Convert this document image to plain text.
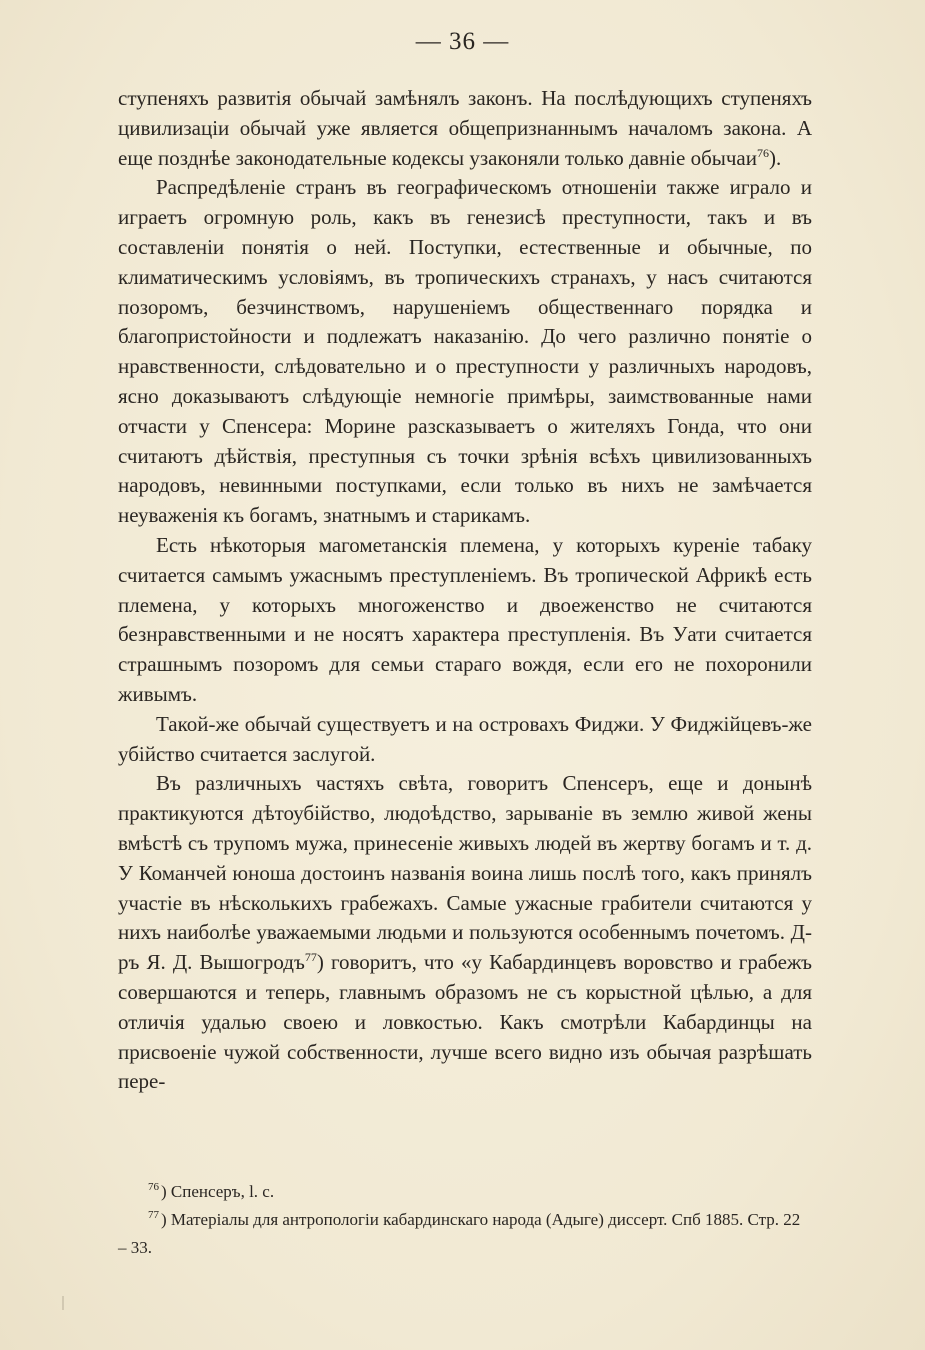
— 36 —

ступеняхъ развитія обычай замѣнялъ законъ. На послѣдующихъ ступеняхъ цивилизаціи обычай уже является общепризнаннымъ началомъ закона. А еще позднѣе законодательные кодексы узаконяли только давніе обычаи$^{76}$).

Распредѣленіе странъ въ географическомъ отношеніи также играло и играетъ огромную роль, какъ въ генезисѣ преступности, такъ и въ составленіи понятія о ней. Поступки, естественные и обычные, по климатическимъ условіямъ, въ тропическихъ странахъ, у насъ считаются позоромъ, безчинствомъ, нарушеніемъ общественнаго порядка и благопристойности и подлежатъ наказанію. До чего различно понятіе о нравственности, слѣдовательно и о преступности у различныхъ народовъ, ясно доказываютъ слѣдующіе немногіе примѣры, заимствованные нами отчасти у Спенсера: Морине разсказываетъ о жителяхъ Гонда, что они считаютъ дѣйствія, преступныя съ точки зрѣнія всѣхъ цивилизованныхъ народовъ, невинными поступками, если только въ нихъ не замѣчается неуваженія къ богамъ, знатнымъ и старикамъ.

Есть нѣкоторыя магометанскія племена, у которыхъ куреніе табаку считается самымъ ужаснымъ преступленіемъ. Въ тропической Африкѣ есть племена, у которыхъ многоженство и двоеженство не считаются безнравственными и не носятъ характера преступленія. Въ Уати считается страшнымъ позоромъ для семьи стараго вождя, если его не похоронили живымъ.

Такой-же обычай существуетъ и на островахъ Фиджи. У Фиджійцевъ-же убійство считается заслугой.

Въ различныхъ частяхъ свѣта, говоритъ Спенсеръ, еще и донынѣ практикуются дѣтоубійство, людоѣдство, зарываніе въ землю живой жены вмѣстѣ съ трупомъ мужа, принесеніе живыхъ людей въ жертву богамъ и т. д. У Команчей юноша достоинъ названія воина лишь послѣ того, какъ принялъ участіе въ нѣсколькихъ грабежахъ. Самые ужасные грабители считаются у нихъ наиболѣе уважаемыми людьми и пользуются особеннымъ почетомъ. Д-ръ Я. Д. Вышогродъ$^{77}$) говоритъ, что «у Кабардинцевъ воровство и грабежъ совершаются и теперь, главнымъ образомъ не съ корыстной цѣлью, а для отличія удалью своею и ловкостью. Какъ смотрѣли Кабардинцы на присвоеніе чужой собственности, лучше всего видно изъ обычая разрѣшать пере-

$^{76}$ ) Спенсеръ, l. c.

$^{77}$ ) Матеріалы для антропологіи кабардинскаго народа (Адыге) диссерт. Спб 1885. Стр. 22 – 33.
